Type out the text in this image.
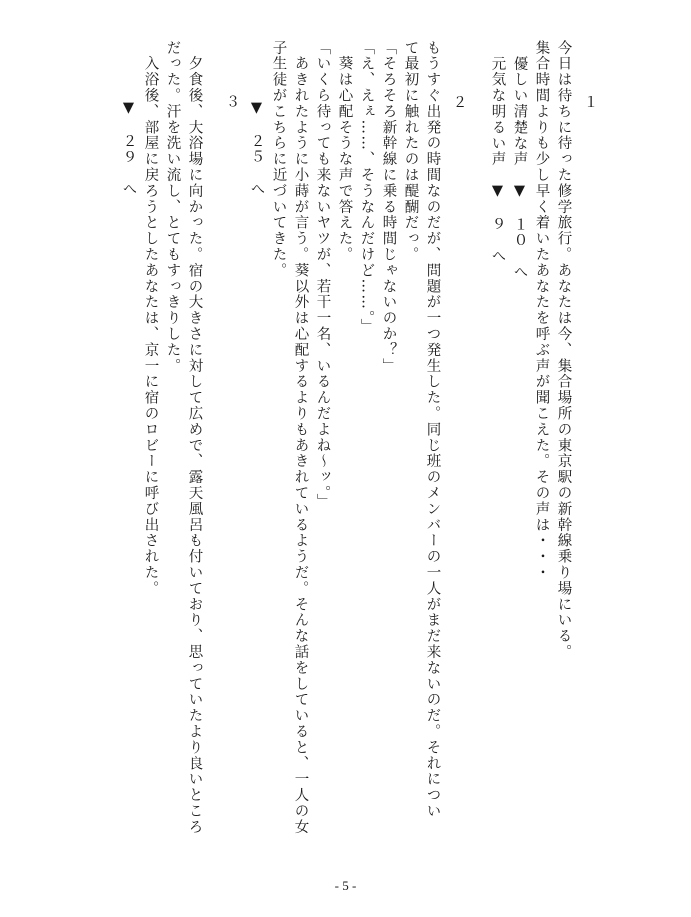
１
今日は待ちに待った修学旅行。あなたは今、集合場所の東京駅の新幹線乗り場にいる。
集合時間よりも少し早く着いたあなたを呼ぶ声が聞こえた。その声は・・・
優しい清楚な声　▼　１０　へ
元気な明るい声　▼　９　へ
２
もうすぐ出発の時間なのだが、問題が一つ発生した。同じ班のメンバーの一人がまだ来ないのだ。それについ
て最初に触れたのは醍醐だっ。
「そろそろ新幹線に乗る時間じゃないのか？」
「え、えぇ……、そうなんだけど……。」
　葵は心配そうな声で答えた。
「いくら待っても来ないヤツが、若干一名、いるんだよね～ッ。」
　あきれたように小蒔が言う。葵以外は心配するよりもあきれているようだ。そんな話をしていると、一人の女
子生徒がこちらに近づいてきた。
▼　２５　へ
３
　夕食後、大浴場に向かった。宿の大きさに対して広めで、露天風呂も付いており、思っていたより良いところ
だった。汗を洗い流し、とてもすっきりした。
　入浴後、部屋に戻ろうとしたあなたは、京一に宿のロビーに呼び出された。
▼　２９　へ
- 5 -
